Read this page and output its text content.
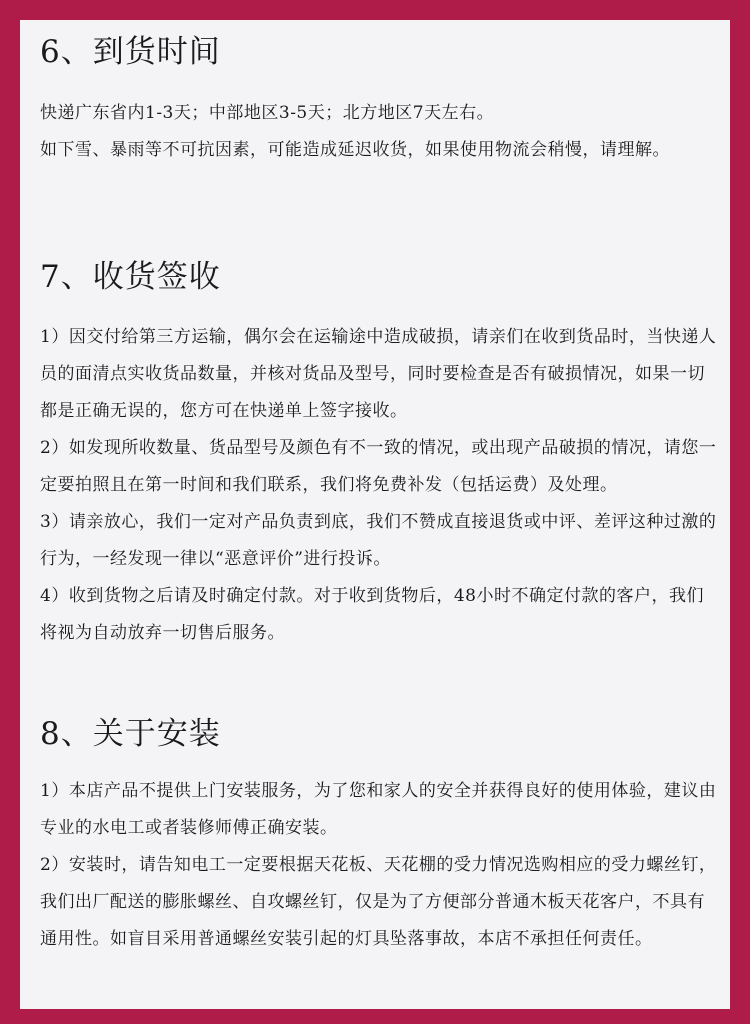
6、到货时间

快递广东省内1-3天；中部地区3-5天；北方地区7天左右。

如下雪、暴雨等不可抗因素，可能造成延迟收货，如果使用物流会稍慢，请理解。

7、收货签收

1）因交付给第三方运输，偶尔会在运输途中造成破损，请亲们在收到货品时，当快递人员的面清点实收货品数量，并核对货品及型号，同时要检查是否有破损情况，如果一切都是正确无误的，您方可在快递单上签字接收。

2）如发现所收数量、货品型号及颜色有不一致的情况，或出现产品破损的情况，请您一定要拍照且在第一时间和我们联系，我们将免费补发（包括运费）及处理。

3）请亲放心，我们一定对产品负责到底，我们不赞成直接退货或中评、差评这种过激的行为，一经发现一律以“恶意评价”进行投诉。

4）收到货物之后请及时确定付款。对于收到货物后，48小时不确定付款的客户，我们将视为自动放弃一切售后服务。

8、关于安装

1）本店产品不提供上门安装服务，为了您和家人的安全并获得良好的使用体验，建议由专业的水电工或者装修师傅正确安装。

2）安装时，请告知电工一定要根据天花板、天花棚的受力情况选购相应的受力螺丝钉，我们出厂配送的膨胀螺丝、自攻螺丝钉，仅是为了方便部分普通木板天花客户，不具有通用性。如盲目采用普通螺丝安装引起的灯具坠落事故，本店不承担任何责任。
